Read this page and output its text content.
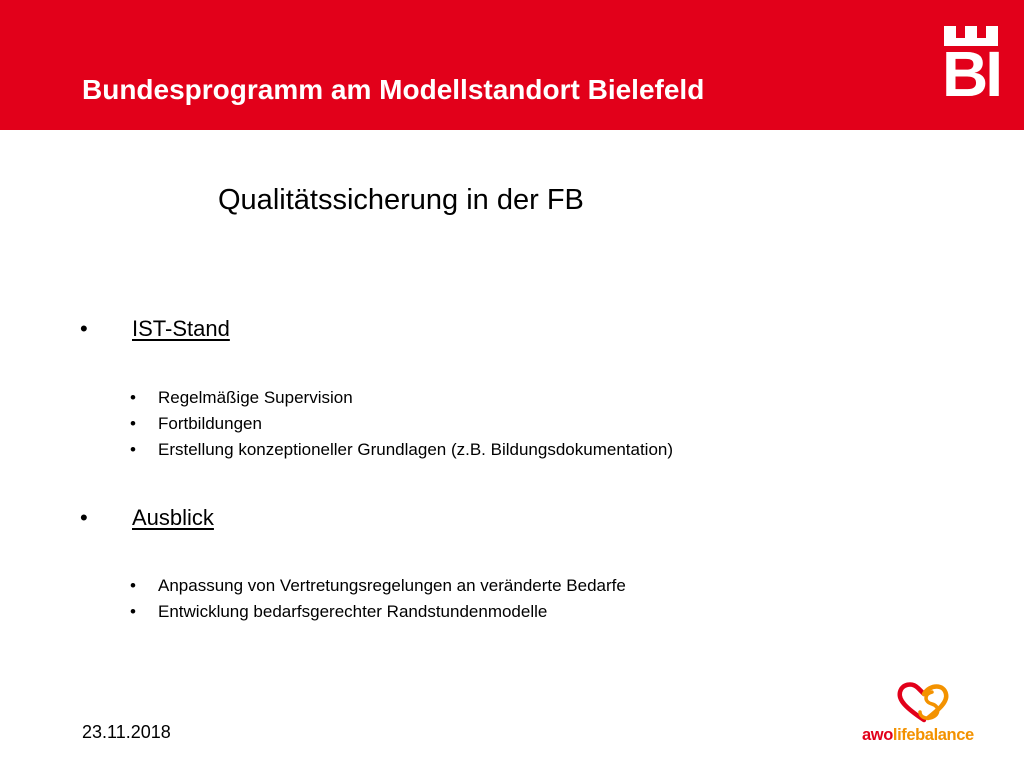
Bundesprogramm am Modellstandort Bielefeld	BI
Qualitätssicherung in der FB
• IST-Stand
• Regelmäßige Supervision
• Fortbildungen
• Erstellung konzeptioneller Grundlagen (z.B. Bildungsdokumentation)
• Ausblick
• Anpassung von Vertretungsregelungen an veränderte Bedarfe
• Entwicklung bedarfsgerechter Randstundenmodelle
23.11.2018	awolifebalance
